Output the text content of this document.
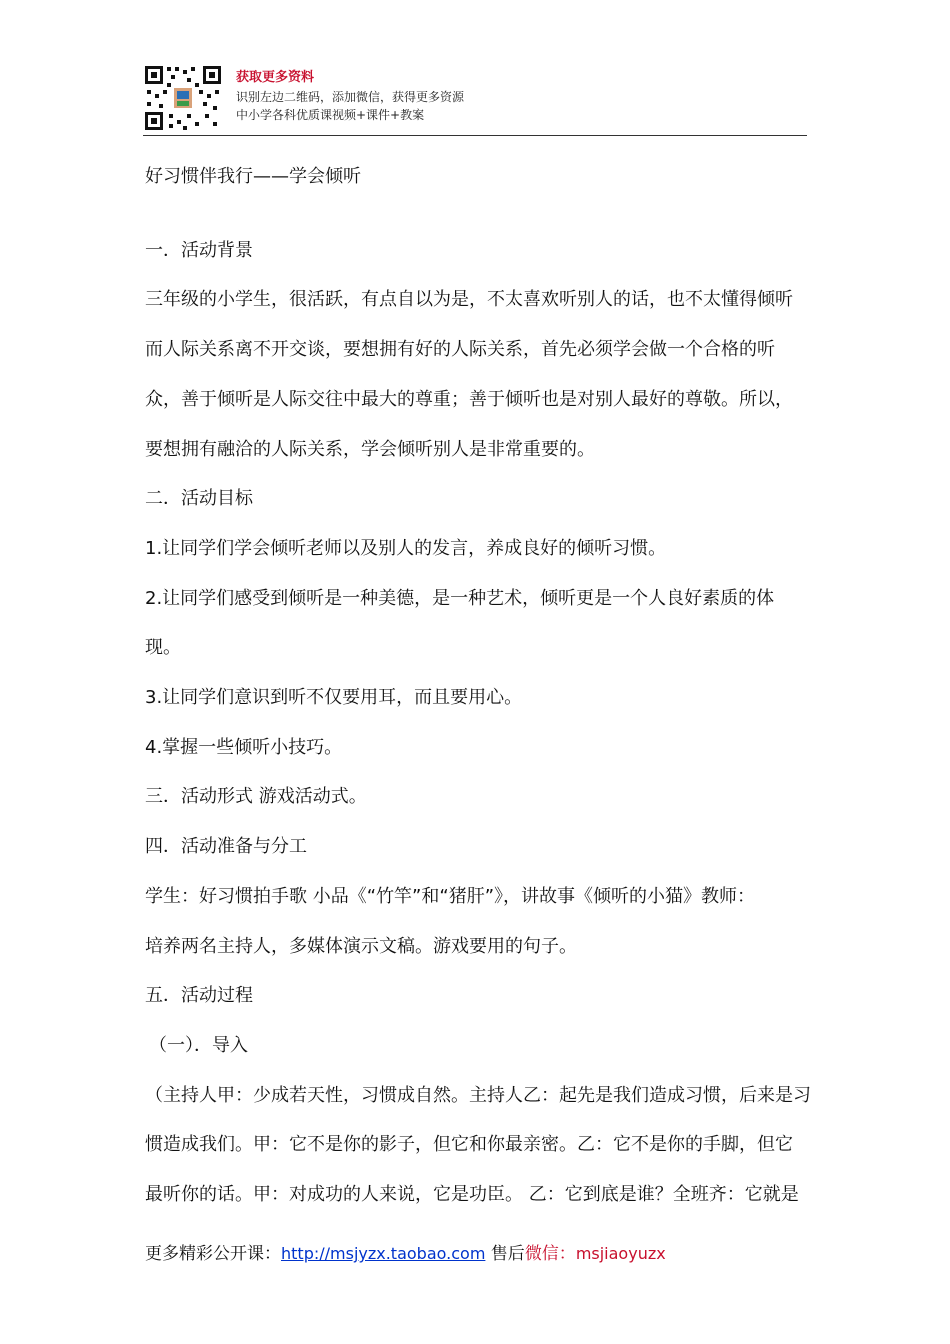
获取更多资料
识别左边二维码，添加微信，获得更多资源
中小学各科优质课视频+课件+教案

好习惯伴我行——学会倾听

一．活动背景

三年级的小学生，很活跃，有点自以为是，不太喜欢听别人的话，也不太懂得倾听

而人际关系离不开交谈，要想拥有好的人际关系，首先必须学会做一个合格的听

众，善于倾听是人际交往中最大的尊重；善于倾听也是对别人最好的尊敬。所以，

要想拥有融洽的人际关系，学会倾听别人是非常重要的。

二．活动目标

1.让同学们学会倾听老师以及别人的发言，养成良好的倾听习惯。

2.让同学们感受到倾听是一种美德，是一种艺术，倾听更是一个人良好素质的体

现。

3.让同学们意识到听不仅要用耳，而且要用心。

4.掌握一些倾听小技巧。

三．活动形式 游戏活动式。

四．活动准备与分工

学生：好习惯拍手歌 小品《“竹竿”和“猪肝”》，讲故事《倾听的小猫》教师：

培养两名主持人，多媒体演示文稿。游戏要用的句子。

五．活动过程

（一）．导入

（主持人甲：少成若天性，习惯成自然。主持人乙：起先是我们造成习惯，后来是习

惯造成我们。甲：它不是你的影子，但它和你最亲密。乙：它不是你的手脚，但它

最听你的话。甲：对成功的人来说，它是功臣。 乙：它到底是谁？全班齐：它就是

更多精彩公开课：http://msjyzx.taobao.com 售后微信：msjiaoyuzx
